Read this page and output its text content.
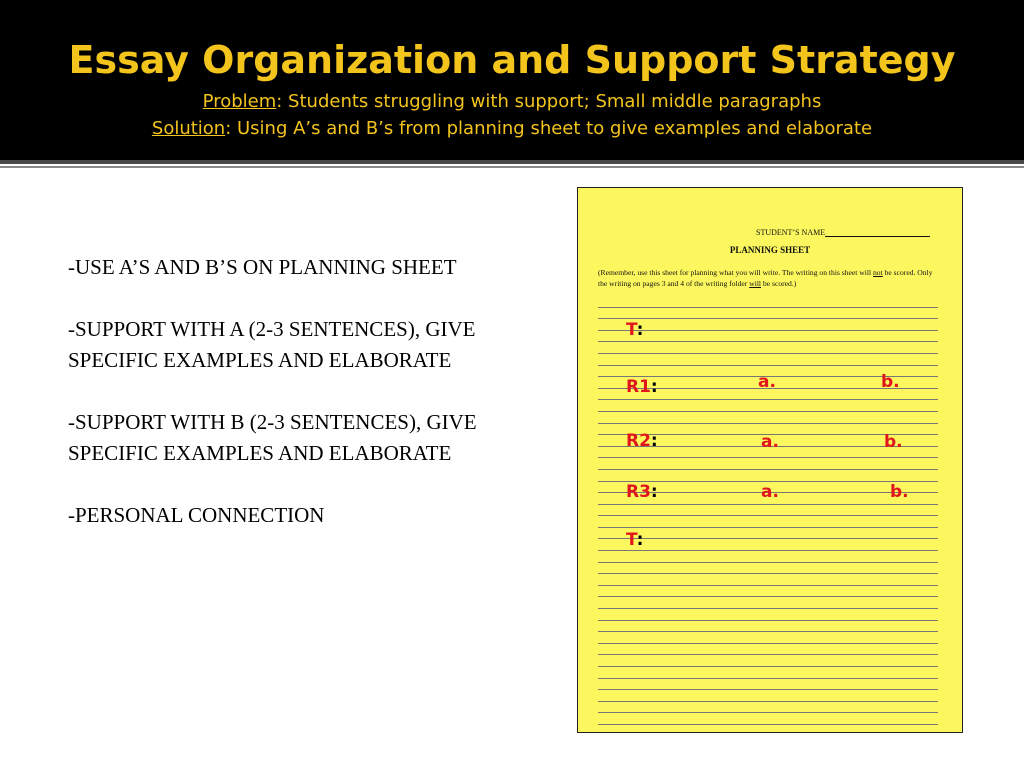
Essay Organization and Support Strategy
Problem: Students struggling with support; Small middle paragraphs
Solution: Using A’s and B’s from planning sheet to give examples and elaborate

-USE A’S AND B’S ON PLANNING SHEET

-SUPPORT WITH A (2-3 SENTENCES), GIVE SPECIFIC EXAMPLES AND ELABORATE

-SUPPORT WITH B (2-3 SENTENCES), GIVE SPECIFIC EXAMPLES AND ELABORATE

-PERSONAL CONNECTION

STUDENT’S NAME
PLANNING SHEET
(Remember, use this sheet for planning what you will write. The writing on this sheet will not be scored. Only the writing on pages 3 and 4 of the writing folder will be scored.)
T:
R1:	a.	b.
R2:	a.	b.
R3:	a.	b.
T:
